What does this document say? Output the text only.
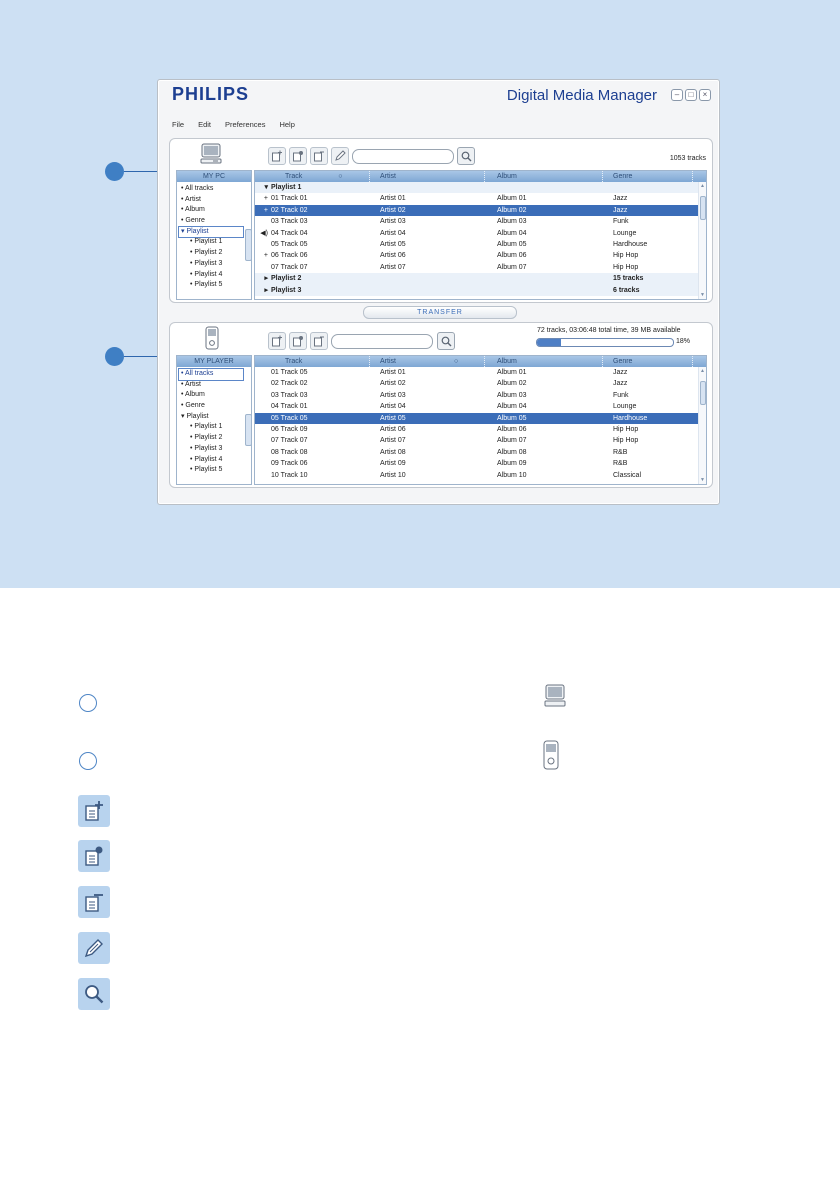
PHILIPS	Digital Media Manager	–	□	×
File Edit Preferences Help
1053 tracks
MY PC
• All tracks
• Artist
• Album
• Genre
▾ Playlist
• Playlist 1
• Playlist 2
• Playlist 3
• Playlist 4
• Playlist 5
Track	○	Artist	Album	Genre
▾ Playlist 1
+ 01 Track 01	Artist 01	Album 01	Jazz
+ 02 Track 02	Artist 02	Album 02	Jazz
03 Track 03	Artist 03	Album 03	Funk
◀) 04 Track 04	Artist 04	Album 04	Lounge
05 Track 05	Artist 05	Album 05	Hardhouse
+ 06 Track 06	Artist 06	Album 06	Hip Hop
07 Track 07	Artist 07	Album 07	Hip Hop
▸ Playlist 2	15 tracks
▸ Playlist 3	6 tracks
▲
▼
TRANSFER
72 tracks, 03:06:48 total time, 39 MB available
MY PLAYER
• All tracks
• Artist
• Album
• Genre
▾ Playlist
• Playlist 1
• Playlist 2
• Playlist 3
• Playlist 4
• Playlist 5
Track	Artist	○	Album	Genre
01 Track 05	Artist 01	Album 01	Jazz
02 Track 02	Artist 02	Album 02	Jazz
03 Track 03	Artist 03	Album 03	Funk
04 Track 01	Artist 04	Album 04	Lounge
05 Track 05	Artist 05	Album 05	Hardhouse
06 Track 09	Artist 06	Album 06	Hip Hop
07 Track 07	Artist 07	Album 07	Hip Hop
08 Track 08	Artist 08	Album 08	R&B
09 Track 06	Artist 09	Album 09	R&B
10 Track 10	Artist 10	Album 10	Classical
▲
▼
18%
